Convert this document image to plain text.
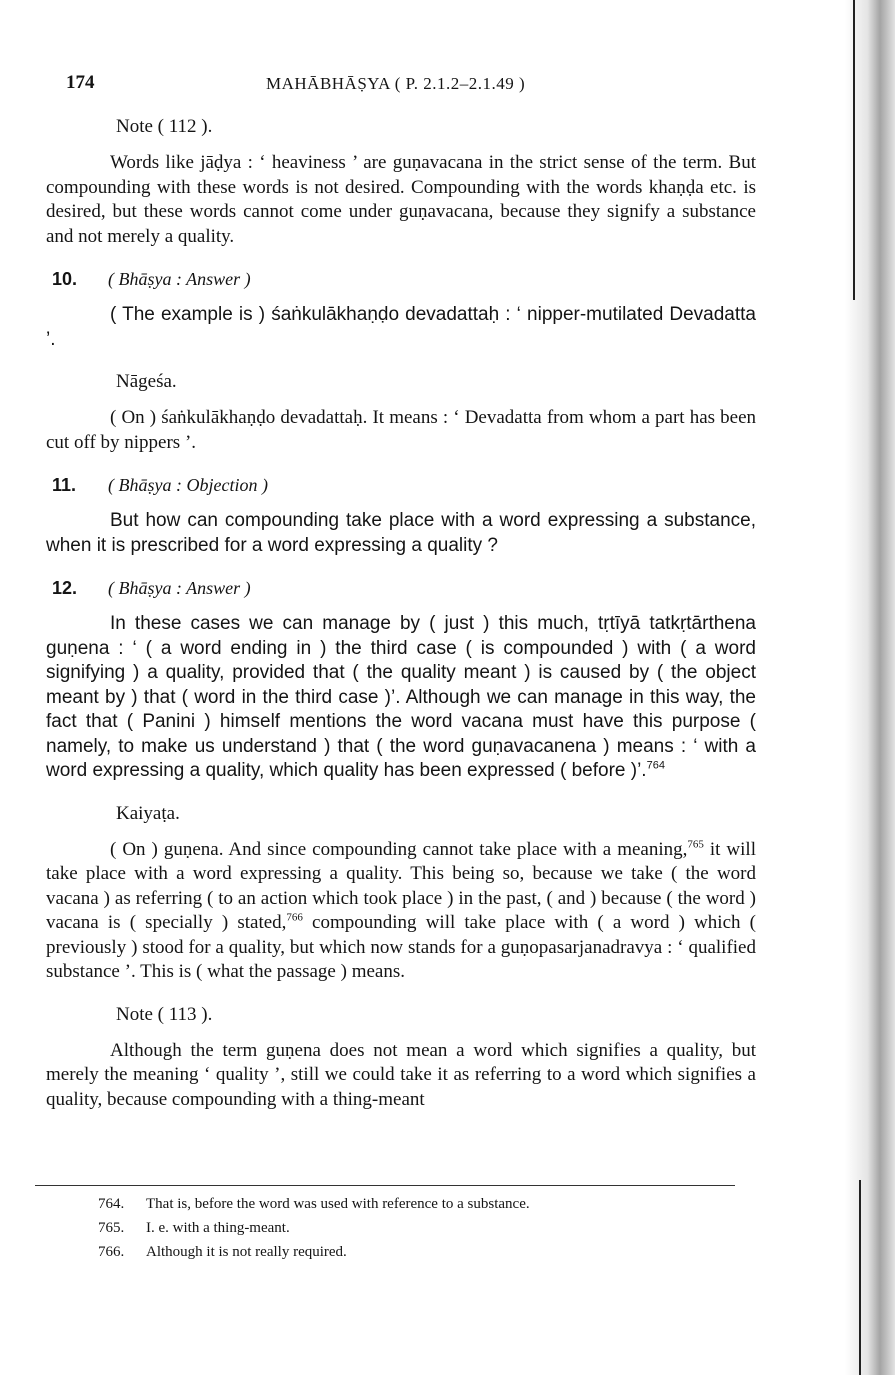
174	MAHĀBHĀṢYA ( P. 2.1.2–2.1.49 )

Note ( 112 ).

Words like jāḍya : ‘ heaviness ’ are guṇavacana in the strict sense of the term. But compounding with these words is not desired. Compounding with the words khaṇḍa etc. is desired, but these words cannot come under guṇavacana, because they signify a substance and not merely a quality.

10. ( Bhāṣya : Answer )

( The example is ) śaṅkulākhaṇḍo devadattaḥ : ‘ nipper-mutilated Devadatta ’.

Nāgeśa.

( On ) śaṅkulākhaṇḍo devadattaḥ. It means : ‘ Devadatta from whom a part has been cut off by nippers ’.

11. ( Bhāṣya : Objection )

But how can compounding take place with a word expressing a substance, when it is prescribed for a word expressing a quality ?

12. ( Bhāṣya : Answer )

In these cases we can manage by ( just ) this much, tṛtīyā tatkṛtārthena guṇena : ‘ ( a word ending in ) the third case ( is compounded ) with ( a word signifying ) a quality, provided that ( the quality meant ) is caused by ( the object meant by ) that ( word in the third case )’. Although we can manage in this way, the fact that ( Panini ) himself mentions the word vacana must have this purpose ( namely, to make us understand ) that ( the word guṇavacanena ) means : ‘ with a word expressing a quality, which quality has been expressed ( before )’.$^{764}$

Kaiyaṭa.

( On ) guṇena. And since compounding cannot take place with a meaning,$^{765}$ it will take place with a word expressing a quality. This being so, because we take ( the word vacana ) as referring ( to an action which took place ) in the past, ( and ) because ( the word ) vacana is ( specially ) stated,$^{766}$ compounding will take place with ( a word ) which ( previously ) stood for a quality, but which now stands for a guṇopasarjanadravya : ‘ qualified substance ’. This is ( what the passage ) means.

Note ( 113 ).

Although the term guṇena does not mean a word which signifies a quality, but merely the meaning ‘ quality ’, still we could take it as referring to a word which signifies a quality, because compounding with a thing-meant

764. That is, before the word was used with reference to a substance.
765. I. e. with a thing-meant.
766. Although it is not really required.
